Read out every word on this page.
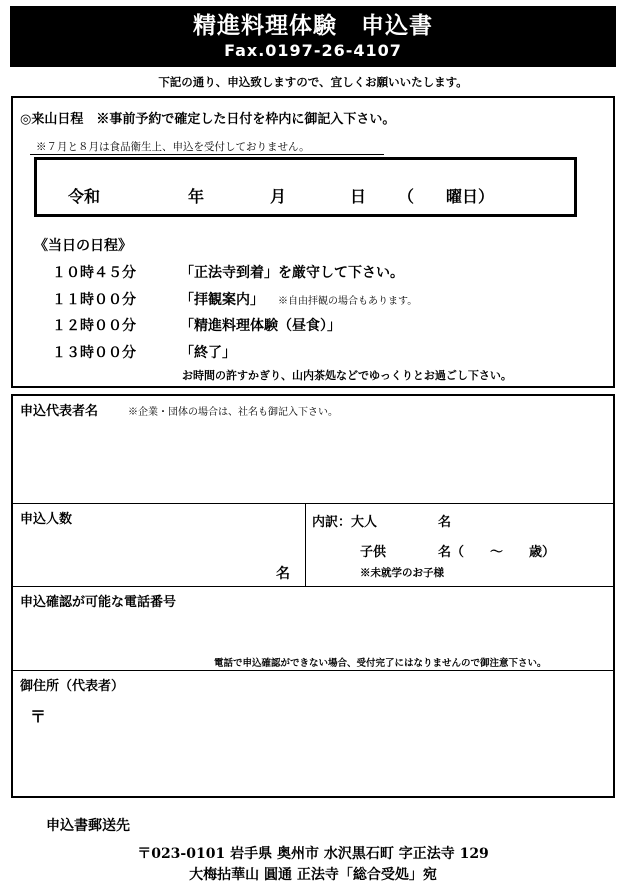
精進料理体験　申込書
Fax.0197-26-4107
下記の通り、申込致しますので、宜しくお願いいたします。
◎来山日程　※事前予約で確定した日付を枠内に御記入下さい。
※７月と８月は食品衛生上、申込を受付しておりません。
令和	年	月	日 （　　曜日）
《当日の日程》
１０時４５分	「正法寺到着」を厳守して下さい。
１１時００分	「拝観案内」 ※自由拝観の場合もあります。
１２時００分	「精進料理体験（昼食）」
１３時００分	「終了」
お時間の許すかぎり、山内茶処などでゆっくりとお過ごし下さい。
申込代表者名	※企業・団体の場合は、社名も御記入下さい。
申込人数
名
内訳：大人	名
子供	名（　　～　　歳）
※未就学のお子様
申込確認が可能な電話番号
電話で申込確認ができない場合、受付完了にはなりませんので御注意下さい。
御住所（代表者）
〒
申込書郵送先
〒023-0101 岩手県 奥州市 水沢黒石町 字正法寺 129
大梅拈華山 圓通 正法寺「総合受処」宛
